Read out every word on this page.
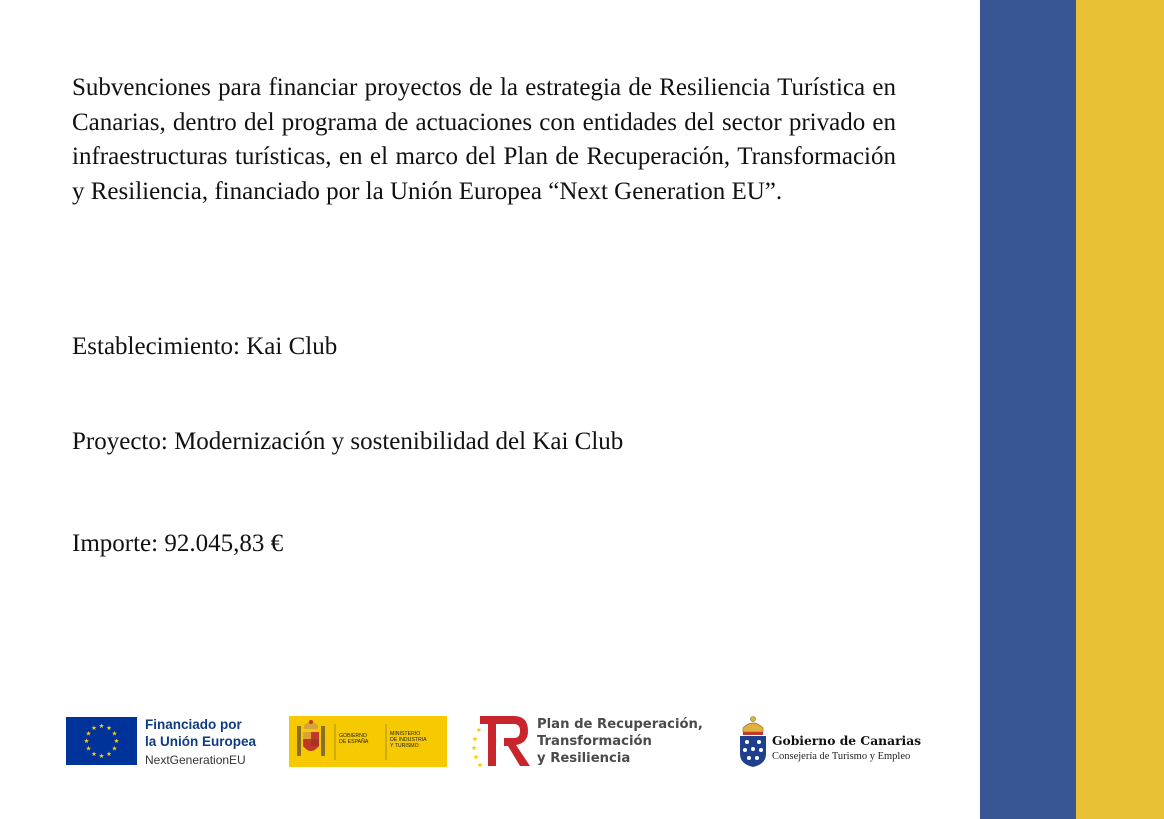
Subvenciones para financiar proyectos de la estrategia de Resiliencia Turística en Canarias, dentro del programa de actuaciones con entidades del sector privado en infraestructuras turísticas, en el marco del Plan de Recuperación, Transformación y Resiliencia, financiado por la Unión Europea “Next Generation EU”.
Establecimiento: Kai Club
Proyecto: Modernización y sostenibilidad del Kai Club
Importe: 92.045,83 €
Financiado por
la Unión Europea
NextGenerationEU
GOBIERNO
DE ESPAÑA
MINISTERIO
DE INDUSTRIA
Y TURISMO
Plan de Recuperación,
Transformación
y Resiliencia
Gobierno de Canarias
Consejería de Turismo y Empleo
